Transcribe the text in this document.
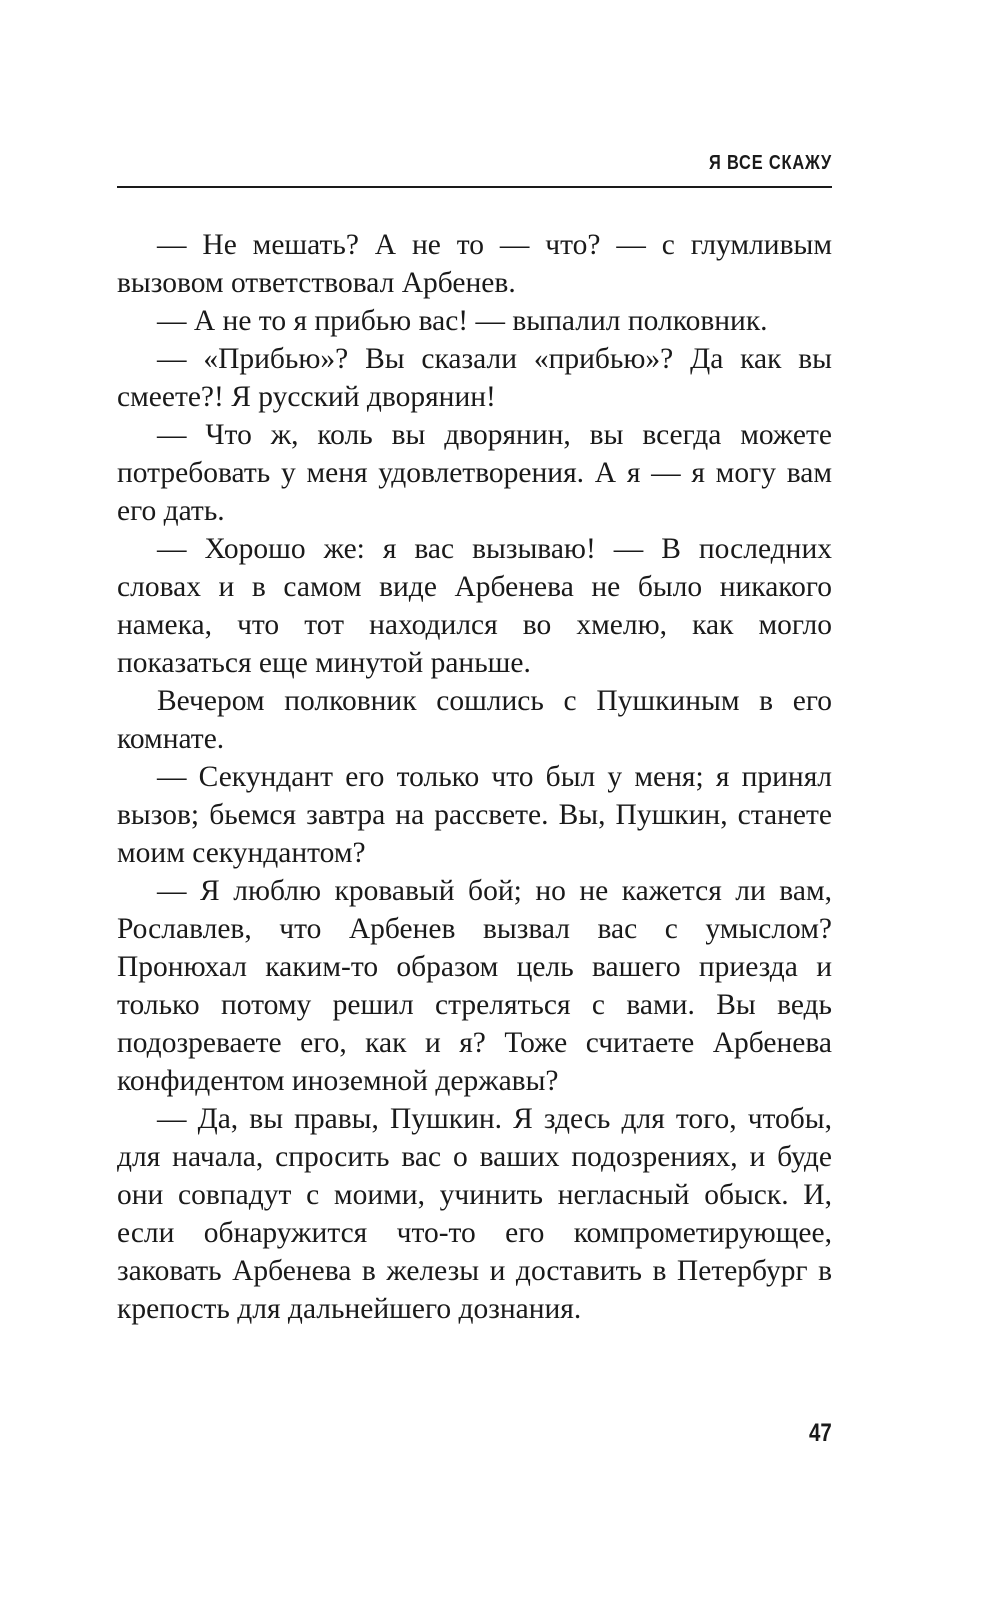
Я ВСЕ СКАЖУ

— Не мешать? А не то — что? — с глумливым вызовом ответствовал Арбенев.

— А не то я прибью вас! — выпалил полковник.

— «Прибью»? Вы сказали «прибью»? Да как вы смеете?! Я русский дворянин!

— Что ж, коль вы дворянин, вы всегда можете потребовать у меня удовлетворения. А я — я могу вам его дать.

— Хорошо же: я вас вызываю! — В последних словах и в самом виде Арбенева не было никакого намека, что тот находился во хмелю, как могло показаться еще минутой раньше.

Вечером полковник сошлись с Пушкиным в его комнате.

— Секундант его только что был у меня; я принял вызов; бьемся завтра на рассвете. Вы, Пушкин, станете моим секундантом?

— Я люблю кровавый бой; но не кажется ли вам, Рославлев, что Арбенев вызвал вас с умыслом? Пронюхал каким-то образом цель вашего приезда и только потому решил стреляться с вами. Вы ведь подозреваете его, как и я? Тоже считаете Арбенева конфидентом иноземной державы?

— Да, вы правы, Пушкин. Я здесь для того, чтобы, для начала, спросить вас о ваших подозрениях, и буде они совпадут с моими, учинить негласный обыск. И, если обнаружится что-то его компрометирующее, заковать Арбенева в железы и доставить в Петербург в крепость для дальнейшего дознания.

47
